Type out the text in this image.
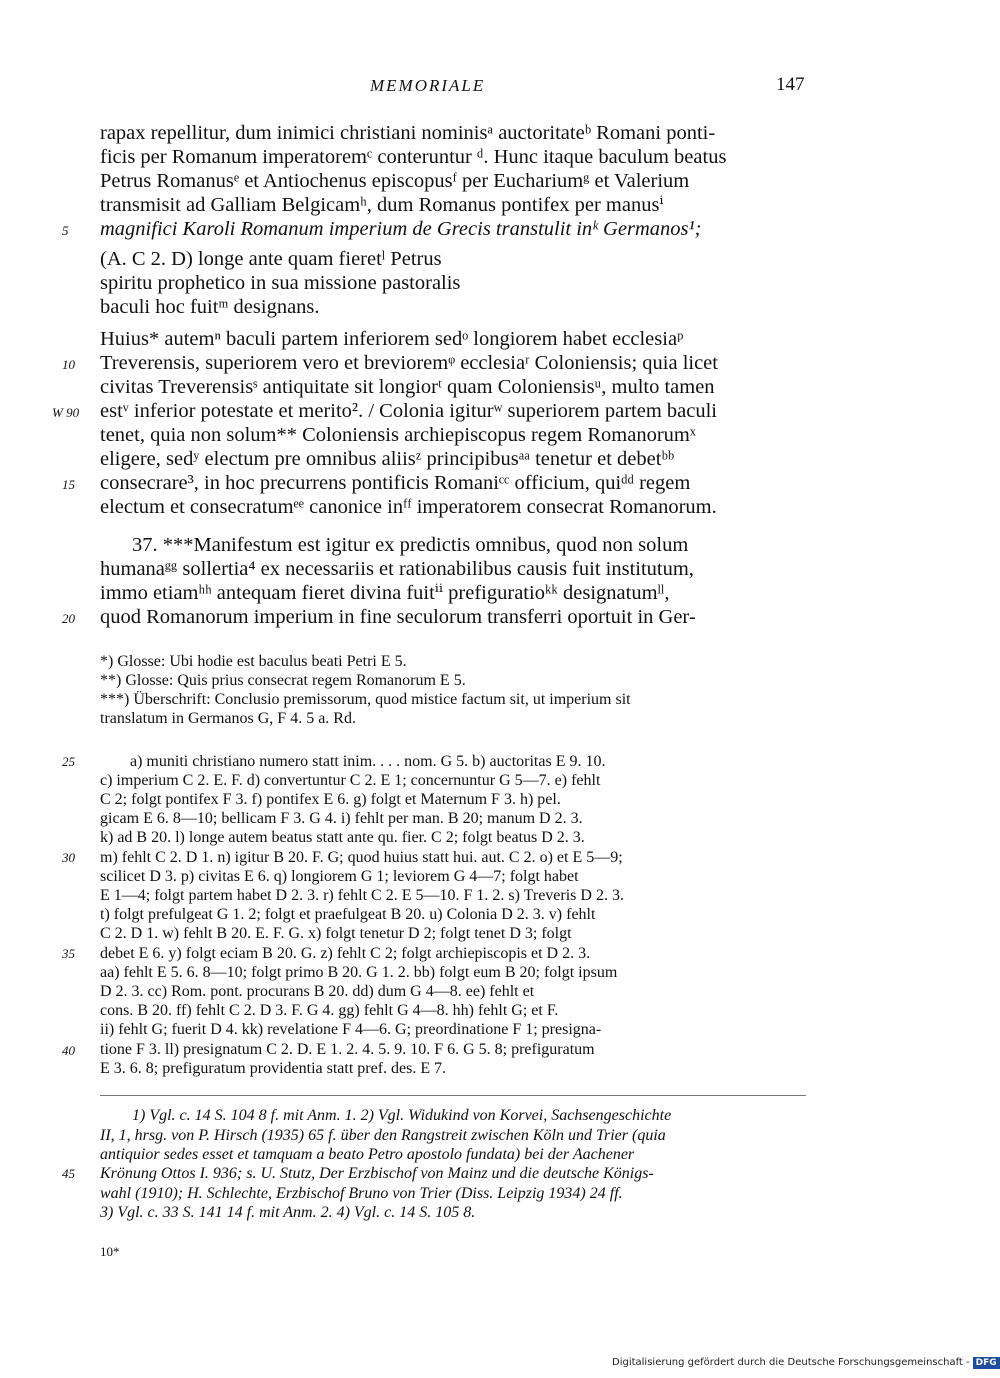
MEMORIALE	147
rapax repellitur, dum inimici christiani nominisᵃ auctoritateᵇ Romani ponti-
ficis per Romanum imperatoremᶜ conteruntur ᵈ. Hunc itaque baculum beatus
Petrus Romanusᵉ et Antiochenus episcopusᶠ per Euchariumᵍ et Valerium
transmisit ad Galliam Belgicamʰ, dum Romanus pontifex per manusⁱ
magnifici Karoli Romanum imperium de Grecis transtulit inᵏ Germanos¹;
(A. C 2. D) longe ante quam fieretˡ Petrus
spiritu prophetico in sua missione pastoralis
baculi hoc fuitᵐ designans.
Huius* autemⁿ baculi partem inferiorem sedᵒ longiorem habet ecclesiaᵖ
Treverensis, superiorem vero et brevioremᵠ ecclesiaʳ Coloniensis; quia licet
civitas Treverensisˢ antiquitate sit longiorᵗ quam Coloniensisᵘ, multo tamen
estᵛ inferior potestate et merito². / Colonia igiturʷ superiorem partem baculi
tenet, quia non solum** Coloniensis archiepiscopus regem Romanorumˣ
eligere, sedʸ electum pre omnibus aliisᶻ principibusᵃᵃ tenetur et debetᵇᵇ
consecrare³, in hoc precurrens pontificis Romaniᶜᶜ officium, quiᵈᵈ regem
electum et consecratumᵉᵉ canonice inᶠᶠ imperatorem consecrat Romanorum.
37. ***Manifestum est igitur ex predictis omnibus, quod non solum
humanaᵍᵍ sollertia⁴ ex necessariis et rationabilibus causis fuit institutum,
immo etiamʰʰ antequam fieret divina fuitⁱⁱ prefiguratioᵏᵏ designatumˡˡ,
quod Romanorum imperium in fine seculorum transferri oportuit in Ger-
5
10
W 90
15
20
25
30
35
40
45
*) Glosse: Ubi hodie est baculus beati Petri E 5.
**) Glosse: Quis prius consecrat regem Romanorum E 5.
***) Überschrift: Conclusio premissorum, quod mistice factum sit, ut imperium sit
translatum in Germanos G, F 4. 5 a. Rd.
a) muniti christiano numero statt inim. . . . nom. G 5. b) auctoritas E 9. 10.
c) imperium C 2. E. F. d) convertuntur C 2. E 1; concernuntur G 5—7. e) fehlt
C 2; folgt pontifex F 3. f) pontifex E 6. g) folgt et Maternum F 3. h) pel.
gicam E 6. 8—10; bellicam F 3. G 4. i) fehlt per man. B 20; manum D 2. 3.
k) ad B 20. l) longe autem beatus statt ante qu. fier. C 2; folgt beatus D 2. 3.
m) fehlt C 2. D 1. n) igitur B 20. F. G; quod huius statt hui. aut. C 2. o) et E 5—9;
scilicet D 3. p) civitas E 6. q) longiorem G 1; leviorem G 4—7; folgt habet
E 1—4; folgt partem habet D 2. 3. r) fehlt C 2. E 5—10. F 1. 2. s) Treveris D 2. 3.
t) folgt prefulgeat G 1. 2; folgt et praefulgeat B 20. u) Colonia D 2. 3. v) fehlt
C 2. D 1. w) fehlt B 20. E. F. G. x) folgt tenetur D 2; folgt tenet D 3; folgt
debet E 6. y) folgt eciam B 20. G. z) fehlt C 2; folgt archiepiscopis et D 2. 3.
aa) fehlt E 5. 6. 8—10; folgt primo B 20. G 1. 2. bb) folgt eum B 20; folgt ipsum
D 2. 3. cc) Rom. pont. procurans B 20. dd) dum G 4—8. ee) fehlt et
cons. B 20. ff) fehlt C 2. D 3. F. G 4. gg) fehlt G 4—8. hh) fehlt G; et F.
ii) fehlt G; fuerit D 4. kk) revelatione F 4—6. G; preordinatione F 1; presigna-
tione F 3. ll) presignatum C 2. D. E 1. 2. 4. 5. 9. 10. F 6. G 5. 8; prefiguratum
E 3. 6. 8; prefiguratum providentia statt pref. des. E 7.
1) Vgl. c. 14 S. 104 8 f. mit Anm. 1. 2) Vgl. Widukind von Korvei, Sachsengeschichte
II, 1, hrsg. von P. Hirsch (1935) 65 f. über den Rangstreit zwischen Köln und Trier (quia
antiquior sedes esset et tamquam a beato Petro apostolo fundata) bei der Aachener
Krönung Ottos I. 936; s. U. Stutz, Der Erzbischof von Mainz und die deutsche Königs-
wahl (1910); H. Schlechte, Erzbischof Bruno von Trier (Diss. Leipzig 1934) 24 ff.
3) Vgl. c. 33 S. 141 14 f. mit Anm. 2. 4) Vgl. c. 14 S. 105 8.
10*
Digitalisierung gefördert durch die Deutsche Forschungsgemeinschaft - DFG
